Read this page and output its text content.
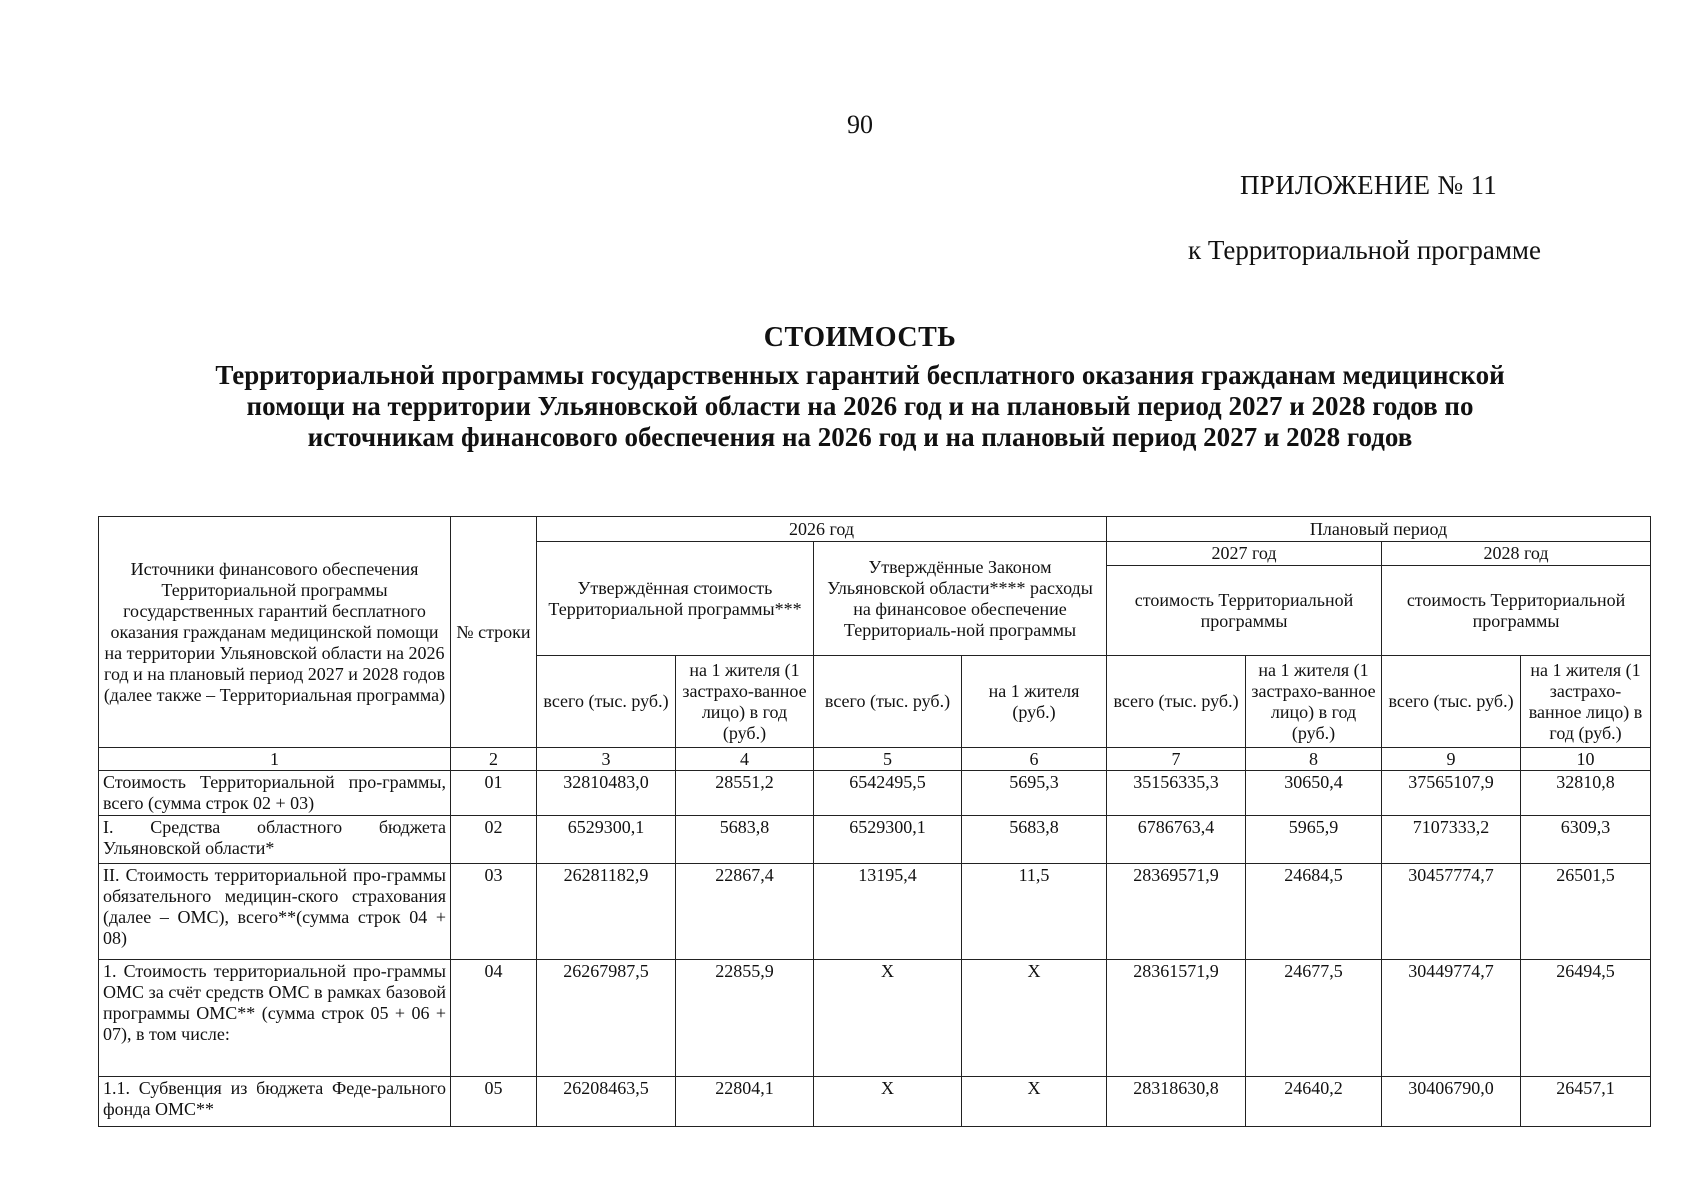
90
ПРИЛОЖЕНИЕ № 11
к Территориальной программе
СТОИМОСТЬ
Территориальной программы государственных гарантий бесплатного оказания гражданам медицинской помощи на территории Ульяновской области на 2026 год и на плановый период 2027 и 2028 годов по источникам финансового обеспечения на 2026 год и на плановый период 2027 и 2028 годов
Источники финансового обеспечения Территориальной программы государственных гарантий бесплатного оказания гражданам медицинской помощи на территории Ульяновской области на 2026 год и на плановый период 2027 и 2028 годов (далее также – Территориальная программа)	№ строки	2026 год				Плановый период			
		Утверждённая стоимость Территориальной программы***		Утверждённые Законом Ульяновской области**** расходы на финансовое обеспечение Территориаль-ной программы		2027 год		2028 год	
						стоимость Территориальной программы		стоимость Территориальной программы	
		всего (тыс. руб.)	на 1 жителя (1 застрахо-ванное лицо) в год (руб.)	всего (тыс. руб.)	на 1 жителя (руб.)	всего (тыс. руб.)	на 1 жителя (1 застрахо-ванное лицо) в год (руб.)	всего (тыс. руб.)	на 1 жителя (1 застрахо-ванное лицо) в год (руб.)
1	2	3	4	5	6	7	8	9	10
Стоимость Территориальной про-граммы, всего (сумма строк 02 + 03)	01	32810483,0	28551,2	6542495,5	5695,3	35156335,3	30650,4	37565107,9	32810,8
I. Средства областного бюджета Ульяновской области*	02	6529300,1	5683,8	6529300,1	5683,8	6786763,4	5965,9	7107333,2	6309,3
II. Стоимость территориальной про-граммы обязательного медицин-ского страхования (далее – ОМС), всего**(сумма строк 04 + 08)	03	26281182,9	22867,4	13195,4	11,5	28369571,9	24684,5	30457774,7	26501,5
1. Стоимость территориальной про-граммы ОМС за счёт средств ОМС в рамках базовой программы ОМС** (сумма строк 05 + 06 + 07), в том числе:	04	26267987,5	22855,9	Х	Х	28361571,9	24677,5	30449774,7	26494,5
1.1. Субвенция из бюджета Феде-рального фонда ОМС**	05	26208463,5	22804,1	Х	Х	28318630,8	24640,2	30406790,0	26457,1
